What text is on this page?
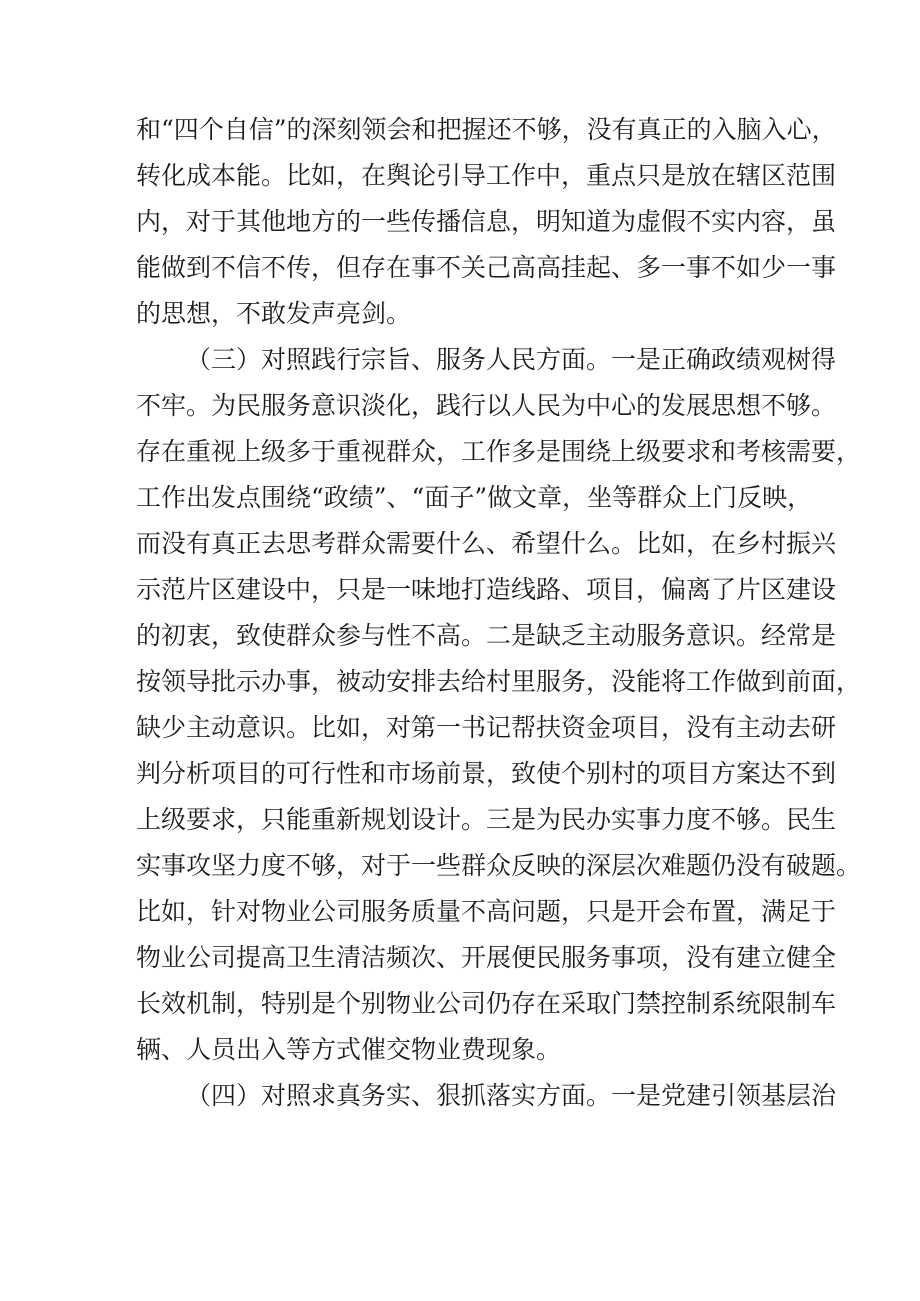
和“四个自信”的深刻领会和把握还不够，没有真正的入脑入心，

转化成本能。比如，在舆论引导工作中，重点只是放在辖区范围

内，对于其他地方的一些传播信息，明知道为虚假不实内容，虽

能做到不信不传，但存在事不关己高高挂起、多一事不如少一事

的思想，不敢发声亮剑。

（三）对照践行宗旨、服务人民方面。一是正确政绩观树得

不牢。为民服务意识淡化，践行以人民为中心的发展思想不够。

存在重视上级多于重视群众，工作多是围绕上级要求和考核需要，

工作出发点围绕“政绩”、“面子”做文章，坐等群众上门反映，

而没有真正去思考群众需要什么、希望什么。比如，在乡村振兴

示范片区建设中，只是一味地打造线路、项目，偏离了片区建设

的初衷，致使群众参与性不高。二是缺乏主动服务意识。经常是

按领导批示办事，被动安排去给村里服务，没能将工作做到前面，

缺少主动意识。比如，对第一书记帮扶资金项目，没有主动去研

判分析项目的可行性和市场前景，致使个别村的项目方案达不到

上级要求，只能重新规划设计。三是为民办实事力度不够。民生

实事攻坚力度不够，对于一些群众反映的深层次难题仍没有破题。

比如，针对物业公司服务质量不高问题，只是开会布置，满足于

物业公司提高卫生清洁频次、开展便民服务事项，没有建立健全

长效机制，特别是个别物业公司仍存在采取门禁控制系统限制车

辆、人员出入等方式催交物业费现象。

（四）对照求真务实、狠抓落实方面。一是党建引领基层治
